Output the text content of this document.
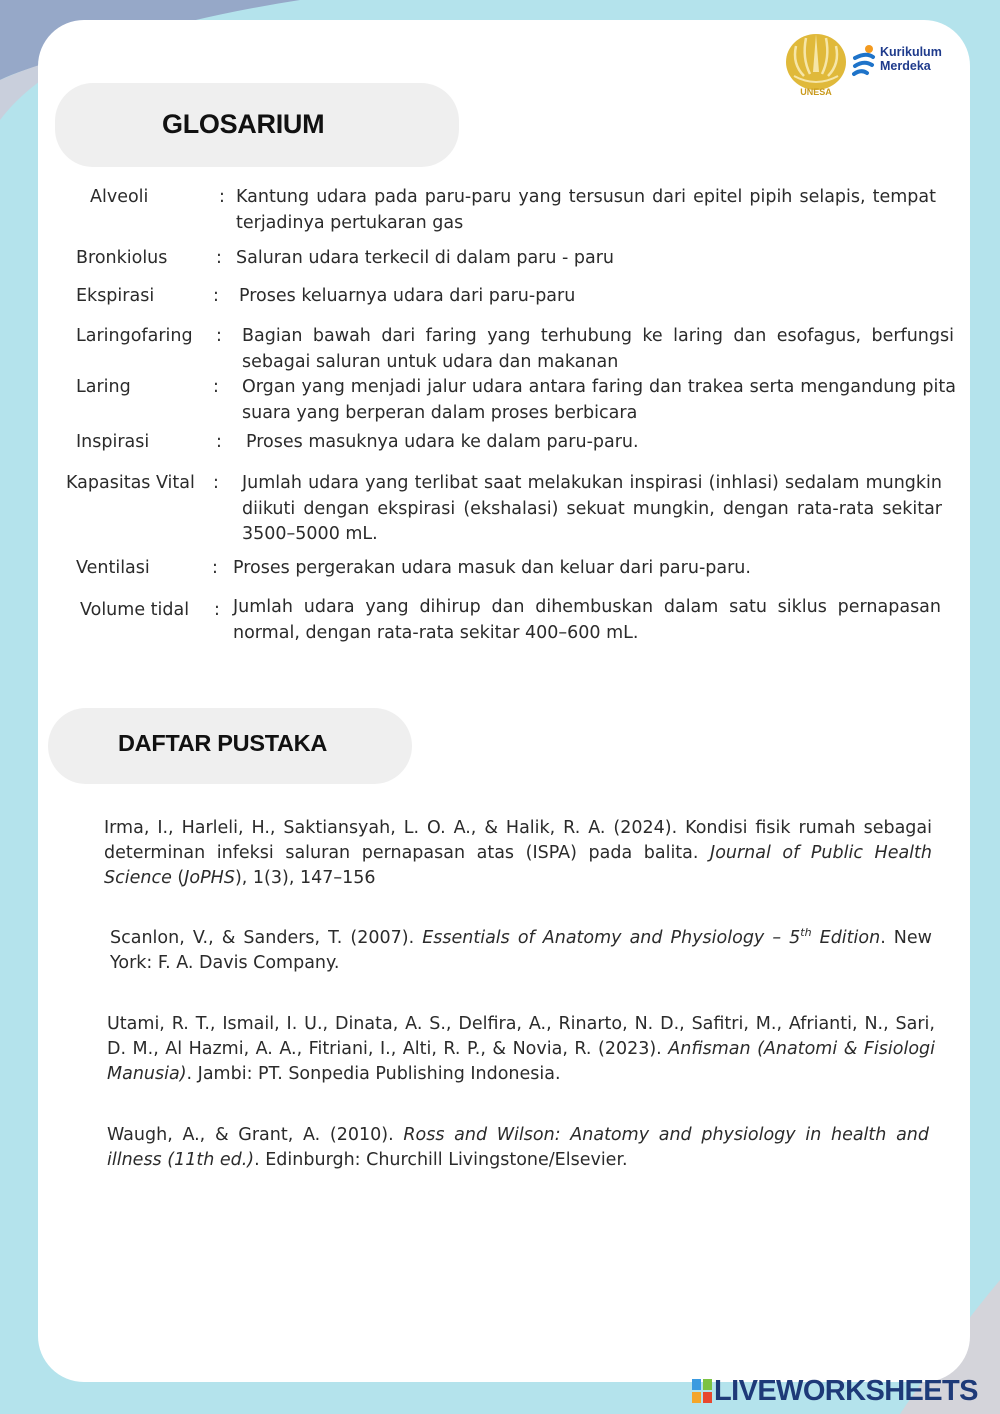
UNESA
Kurikulum
Merdeka
GLOSARIUM
Alveoli	: Kantung udara pada paru-paru yang tersusun dari epitel pipih selapis, tempat terjadinya pertukaran gas
Bronkiolus	: Saluran udara terkecil di dalam paru - paru
Ekspirasi	: Proses keluarnya udara dari paru-paru
Laringofaring : Bagian bawah dari faring yang terhubung ke laring dan esofagus, berfungsi sebagai saluran untuk udara dan makanan
Laring	: Organ yang menjadi jalur udara antara faring dan trakea serta mengandung pita suara yang berperan dalam proses berbicara
Inspirasi	: Proses masuknya udara ke dalam paru-paru.
Kapasitas Vital : Jumlah udara yang terlibat saat melakukan inspirasi (inhlasi) sedalam mungkin diikuti dengan ekspirasi (ekshalasi) sekuat mungkin, dengan rata-rata sekitar 3500–5000 mL.
Ventilasi	: Proses pergerakan udara masuk dan keluar dari paru-paru.
Volume tidal : Jumlah udara yang dihirup dan dihembuskan dalam satu siklus pernapasan normal, dengan rata-rata sekitar 400–600 mL.
DAFTAR PUSTAKA
Irma, I., Harleli, H., Saktiansyah, L. O. A., & Halik, R. A. (2024). Kondisi fisik rumah sebagai determinan infeksi saluran pernapasan atas (ISPA) pada balita. Journal of Public Health Science (JoPHS), 1(3), 147–156
Scanlon, V., & Sanders, T. (2007). Essentials of Anatomy and Physiology – 5th Edition. New York: F. A. Davis Company.
Utami, R. T., Ismail, I. U., Dinata, A. S., Delfira, A., Rinarto, N. D., Safitri, M., Afrianti, N., Sari, D. M., Al Hazmi, A. A., Fitriani, I., Alti, R. P., & Novia, R. (2023). Anfisman (Anatomi & Fisiologi Manusia). Jambi: PT. Sonpedia Publishing Indonesia.
Waugh, A., & Grant, A. (2010). Ross and Wilson: Anatomy and physiology in health and illness (11th ed.). Edinburgh: Churchill Livingstone/Elsevier.
LIVEWORKSHEETS
